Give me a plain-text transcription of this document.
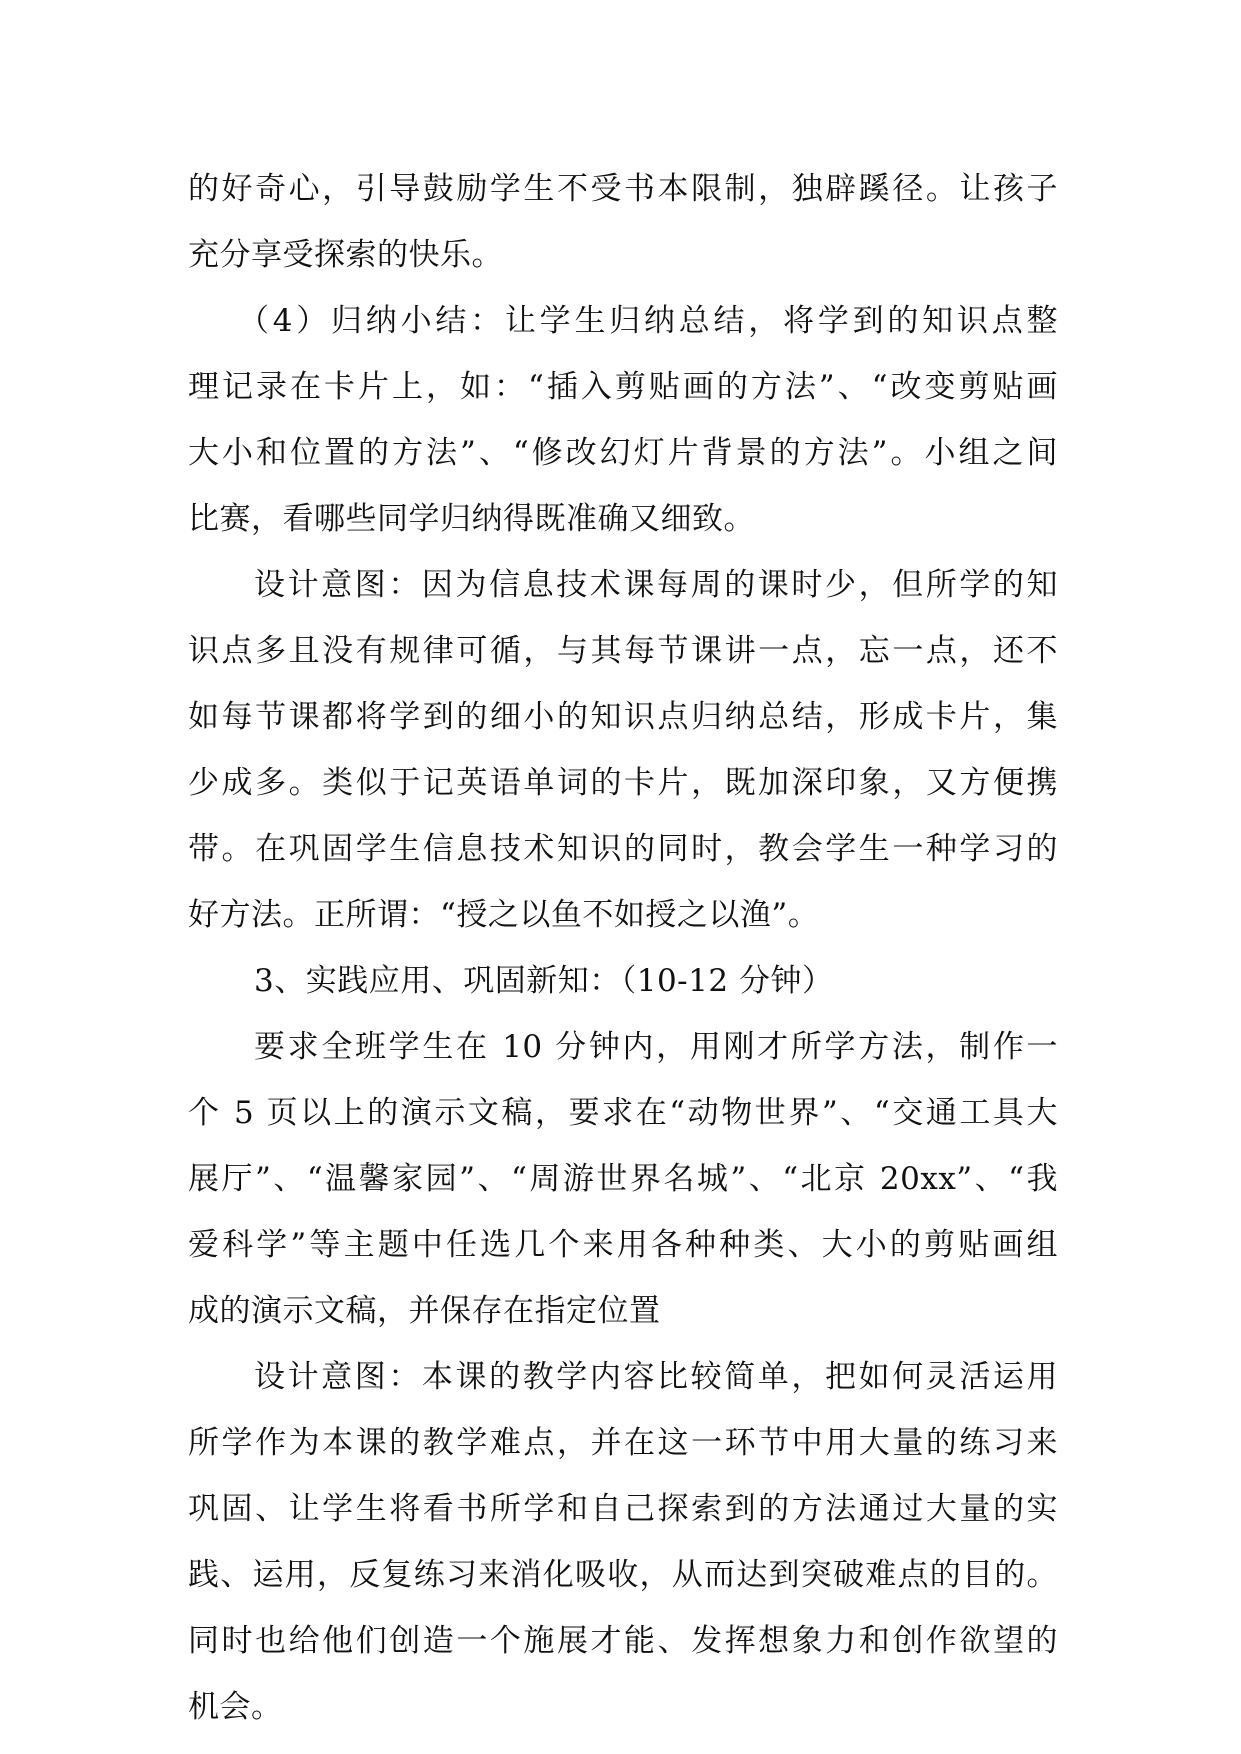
的好奇心，引导鼓励学生不受书本限制，独辟蹊径。让孩子
充分享受探索的快乐。
（4）归纳小结：让学生归纳总结，将学到的知识点整
理记录在卡片上，如：“插入剪贴画的方法”、“改变剪贴画
大小和位置的方法”、“修改幻灯片背景的方法”。小组之间
比赛，看哪些同学归纳得既准确又细致。
设计意图：因为信息技术课每周的课时少，但所学的知
识点多且没有规律可循，与其每节课讲一点，忘一点，还不
如每节课都将学到的细小的知识点归纳总结，形成卡片，集
少成多。类似于记英语单词的卡片，既加深印象，又方便携
带。在巩固学生信息技术知识的同时，教会学生一种学习的
好方法。正所谓：“授之以鱼不如授之以渔”。
3、实践应用、巩固新知：（10-12 分钟）
要求全班学生在 10 分钟内，用刚才所学方法，制作一
个 5 页以上的演示文稿，要求在“动物世界”、“交通工具大
展厅”、“温馨家园”、“周游世界名城”、“北京 20xx”、“我
爱科学”等主题中任选几个来用各种种类、大小的剪贴画组
成的演示文稿，并保存在指定位置
设计意图：本课的教学内容比较简单，把如何灵活运用
所学作为本课的教学难点，并在这一环节中用大量的练习来
巩固、让学生将看书所学和自己探索到的方法通过大量的实
践、运用，反复练习来消化吸收，从而达到突破难点的目的。
同时也给他们创造一个施展才能、发挥想象力和创作欲望的
机会。
